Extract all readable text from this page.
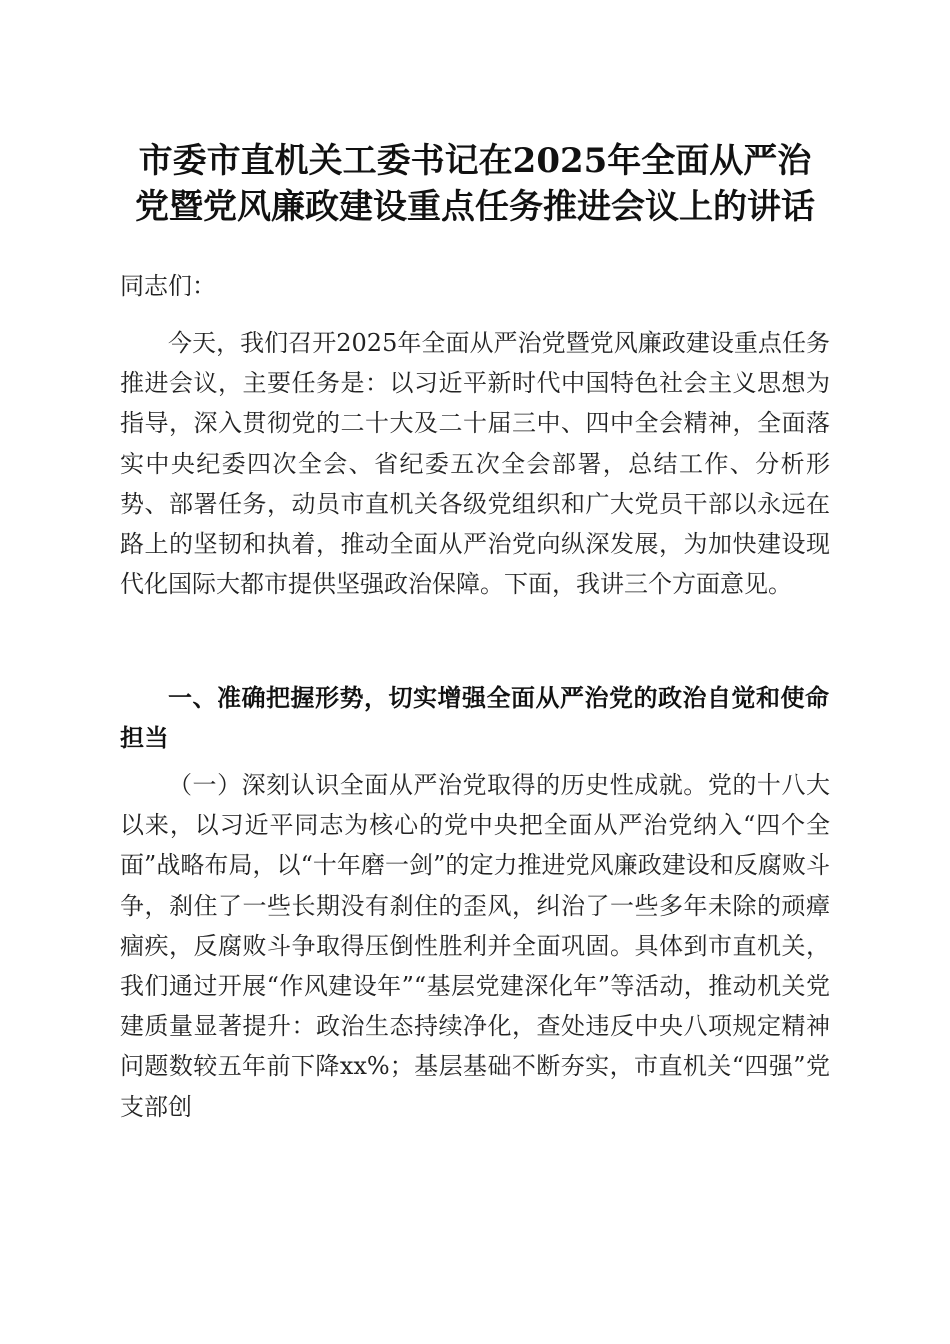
市委市直机关工委书记在2025年全面从严治
党暨党风廉政建设重点任务推进会议上的讲话

同志们：

今天，我们召开2025年全面从严治党暨党风廉政建设重点任务推进会议，主要任务是：以习近平新时代中国特色社会主义思想为指导，深入贯彻党的二十大及二十届三中、四中全会精神，全面落实中央纪委四次全会、省纪委五次全会部署，总结工作、分析形势、部署任务，动员市直机关各级党组织和广大党员干部以永远在路上的坚韧和执着，推动全面从严治党向纵深发展，为加快建设现代化国际大都市提供坚强政治保障。下面，我讲三个方面意见。

一、准确把握形势，切实增强全面从严治党的政治自觉和使命担当

（一）深刻认识全面从严治党取得的历史性成就。党的十八大以来，以习近平同志为核心的党中央把全面从严治党纳入“四个全面”战略布局，以“十年磨一剑”的定力推进党风廉政建设和反腐败斗争，刹住了一些长期没有刹住的歪风，纠治了一些多年未除的顽瘴痼疾，反腐败斗争取得压倒性胜利并全面巩固。具体到市直机关，我们通过开展“作风建设年”“基层党建深化年”等活动，推动机关党建质量显著提升：政治生态持续净化，查处违反中央八项规定精神问题数较五年前下降xx%；基层基础不断夯实，市直机关“四强”党支部创
